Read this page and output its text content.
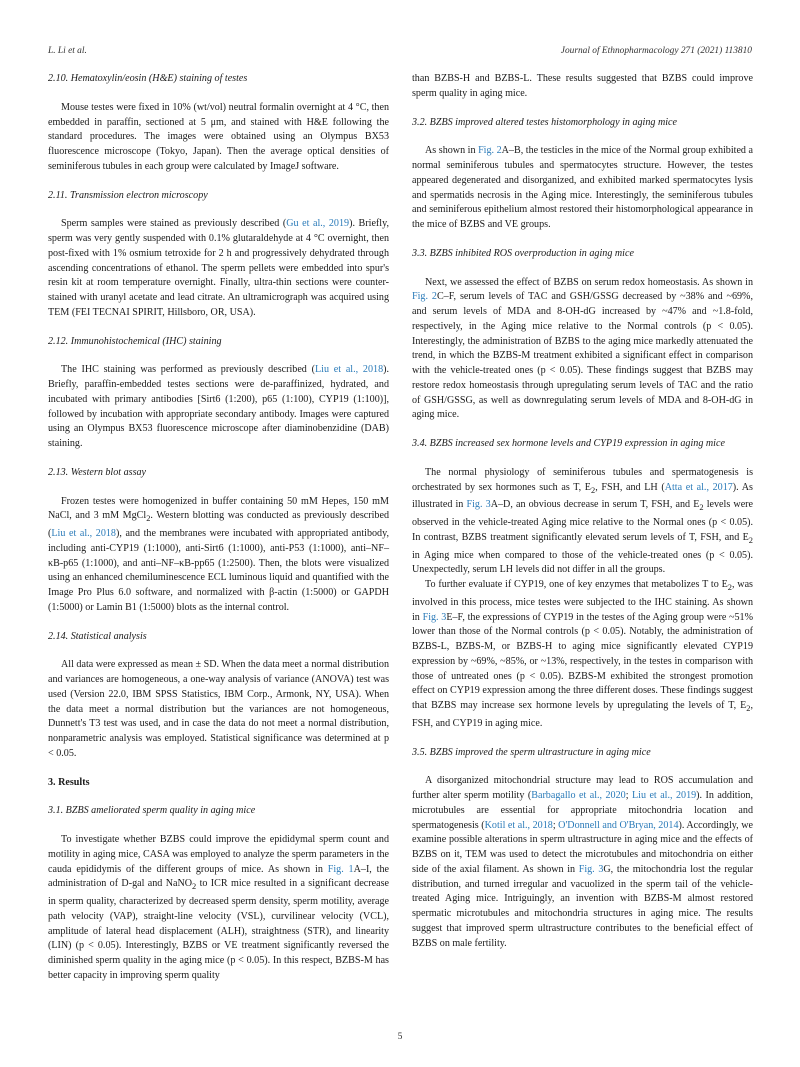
L. Li et al.	Journal of Ethnopharmacology 271 (2021) 113810
2.10. Hematoxylin/eosin (H&E) staining of testes

Mouse testes were fixed in 10% (wt/vol) neutral formalin overnight at 4 °C, then embedded in paraffin, sectioned at 5 μm, and stained with H&E following the standard procedures. The images were obtained using an Olympus BX53 fluorescence microscope (Tokyo, Japan). Then the average optical densities of seminiferous tubules in each group were calculated by ImageJ software.

2.11. Transmission electron microscopy

Sperm samples were stained as previously described (Gu et al., 2019). Briefly, sperm was very gently suspended with 0.1% glutaraldehyde at 4 °C overnight, then post-fixed with 1% osmium tetroxide for 2 h and progressively dehydrated through ascending concentrations of ethanol. The sperm pellets were embedded into spur's resin kit at room temperature overnight. Finally, ultra-thin sections were counter-stained with uranyl acetate and lead citrate. An ultramicrograph was acquired using TEM (FEI TECNAI SPIRIT, Hillsboro, OR, USA).

2.12. Immunohistochemical (IHC) staining

The IHC staining was performed as previously described (Liu et al., 2018). Briefly, paraffin-embedded testes sections were de-paraffinized, hydrated, and incubated with primary antibodies [Sirt6 (1:200), p65 (1:100), CYP19 (1:100)], followed by incubation with appropriate secondary antibody. Images were captured using an Olympus BX53 fluorescence microscope after diaminobenzidine (DAB) staining.

2.13. Western blot assay

Frozen testes were homogenized in buffer containing 50 mM Hepes, 150 mM NaCl, and 3 mM MgCl$_2$. Western blotting was conducted as previously described (Liu et al., 2018), and the membranes were incubated with appropriated antibody, including anti-CYP19 (1:1000), anti-Sirt6 (1:1000), anti-P53 (1:1000), anti–NF–κB-p65 (1:1000), and anti–NF–κB-pp65 (1:2500). Then, the blots were visualized using an enhanced chemiluminescence ECL luminous liquid and quantified with the Image Pro Plus 6.0 software, and normalized with β-actin (1:5000) or GAPDH (1:5000) or Lamin B1 (1:5000) blots as the internal control.

2.14. Statistical analysis

All data were expressed as mean ± SD. When the data meet a normal distribution and variances are homogeneous, a one-way analysis of variance (ANOVA) test was used (Version 22.0, IBM SPSS Statistics, IBM Corp., Armonk, NY, USA). When the data meet a normal distribution but the variances are not homogeneous, Dunnett's T3 test was used, and in case the data do not meet a normal distribution, nonparametric analysis was employed. Statistical significance was determined at p < 0.05.

3. Results
3.1. BZBS ameliorated sperm quality in aging mice

To investigate whether BZBS could improve the epididymal sperm count and motility in aging mice, CASA was employed to analyze the sperm parameters in the cauda epididymis of the different groups of mice. As shown in Fig. 1A–I, the administration of D-gal and NaNO$_2$ to ICR mice resulted in a significant decrease in sperm quality, characterized by decreased sperm density, sperm motility, average path velocity (VAP), straight-line velocity (VSL), curvilinear velocity (VCL), amplitude of lateral head displacement (ALH), straightness (STR), and linearity (LIN) (p < 0.05). Interestingly, BZBS or VE treatment significantly reversed the diminished sperm quality in the aging mice (p < 0.05). In this respect, BZBS-M has better capacity in improving sperm quality

than BZBS-H and BZBS-L. These results suggested that BZBS could improve sperm quality in aging mice.

3.2. BZBS improved altered testes histomorphology in aging mice

As shown in Fig. 2A–B, the testicles in the mice of the Normal group exhibited a normal seminiferous tubules and spermatocytes structure. However, the testes appeared degenerated and disorganized, and exhibited marked spermatocytes lysis and spermatids necrosis in the Aging mice. Interestingly, the seminiferous tubules and seminiferous epithelium almost restored their histomorphological appearance in the mice of BZBS and VE groups.

3.3. BZBS inhibited ROS overproduction in aging mice

Next, we assessed the effect of BZBS on serum redox homeostasis. As shown in Fig. 2C–F, serum levels of TAC and GSH/GSSG decreased by ~38% and ~69%, and serum levels of MDA and 8-OH-dG increased by ~47% and ~1.8-fold, respectively, in the Aging mice relative to the Normal controls (p < 0.05). Interestingly, the administration of BZBS to the aging mice markedly attenuated the trend, in which the BZBS-M treatment exhibited a significant effect in comparison with the vehicle-treated ones (p < 0.05). These findings suggest that BZBS may restore redox homeostasis through upregulating serum levels of TAC and the ratio of GSH/GSSG, as well as downregulating serum levels of MDA and 8-OH-dG in aging mice.

3.4. BZBS increased sex hormone levels and CYP19 expression in aging mice

The normal physiology of seminiferous tubules and spermatogenesis is orchestrated by sex hormones such as T, $E_2$, FSH, and LH (Atta et al., 2017). As illustrated in Fig. 3A–D, an obvious decrease in serum T, FSH, and $E_2$ levels were observed in the vehicle-treated Aging mice relative to the Normal ones (p < 0.05). In contrast, BZBS treatment significantly elevated serum levels of T, FSH, and $E_2$ in Aging mice when compared to those of the vehicle-treated ones (p < 0.05). Unexpectedly, serum LH levels did not differ in all the groups.

To further evaluate if CYP19, one of key enzymes that metabolizes T to $E_2$, was involved in this process, mice testes were subjected to the IHC staining. As shown in Fig. 3E–F, the expressions of CYP19 in the testes of the Aging group were ~51% lower than those of the Normal controls (p < 0.05). Notably, the administration of BZBS-L, BZBS-M, or BZBS-H to aging mice significantly elevated CYP19 expression by ~69%, ~85%, or ~13%, respectively, in the testes in comparison with those of untreated ones (p < 0.05). BZBS-M exhibited the strongest promotion effect on CYP19 expression among the three different doses. These findings suggest that BZBS may increase sex hormone levels by upregulating the levels of T, $E_2$, FSH, and CYP19 in aging mice.

3.5. BZBS improved the sperm ultrastructure in aging mice

A disorganized mitochondrial structure may lead to ROS accumulation and further alter sperm motility (Barbagallo et al., 2020; Liu et al., 2019). In addition, microtubules are essential for appropriate mitochondria location and spermatogenesis (Kotil et al., 2018; O'Donnell and O'Bryan, 2014). Accordingly, we examine possible alterations in sperm ultrastructure in aging mice and the effects of BZBS on it, TEM was used to detect the microtubules and mitochondria on either side of the axial filament. As shown in Fig. 3G, the mitochondria lost the regular distribution, and turned irregular and vacuolized in the sperm tail of the vehicle-treated Aging mice. Intriguingly, an invention with BZBS-M almost restored spermatic microtubules and mitochondria structures in aging mice. The results suggest that improved sperm ultrastructure contributes to the beneficial effect of BZBS on male fertility.

5
